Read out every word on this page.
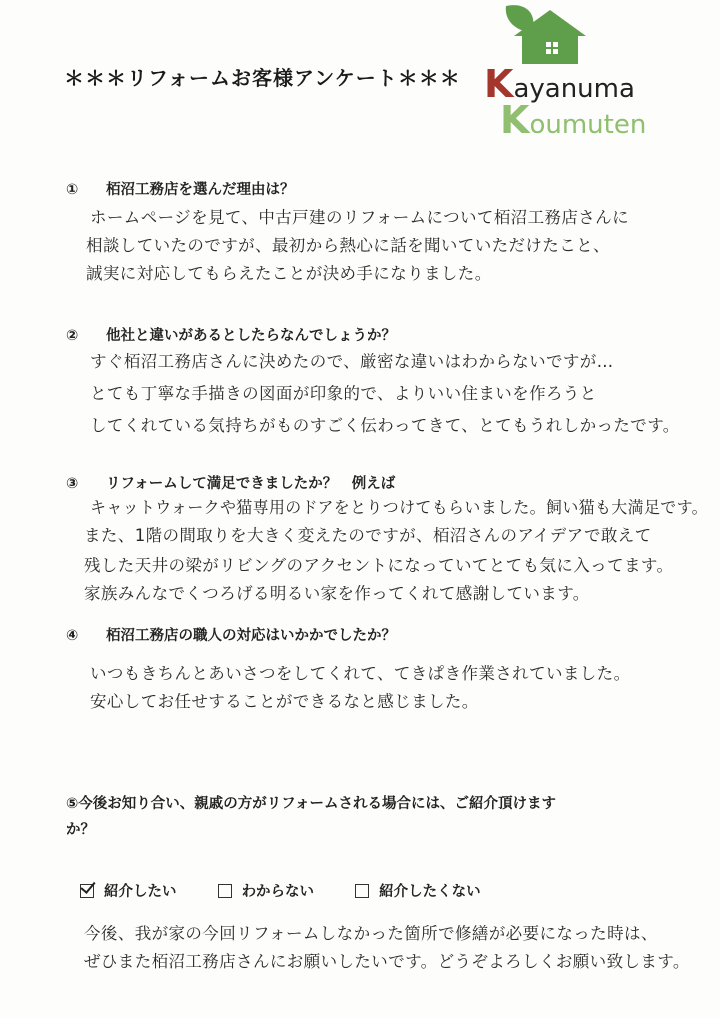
＊＊＊リフォームお客様アンケート＊＊＊ Kayanuma
Koumuten
① 栢沼工務店を選んだ理由は？
ホームページを見て、中古戸建のリフォームについて栢沼工務店さんに
相談していたのですが、最初から熱心に話を聞いていただけたこと、
誠実に対応してもらえたことが決め手になりました。
② 他社と違いがあるとしたらなんでしょうか？
すぐ栢沼工務店さんに決めたので、厳密な違いはわからないですが…
とても丁寧な手描きの図面が印象的で、よりいい住まいを作ろうと
してくれている気持ちがものすごく伝わってきて、とてもうれしかったです。
③ リフォームして満足できましたか？　例えば
キャットウォークや猫専用のドアをとりつけてもらいました。飼い猫も大満足です。
また、1階の間取りを大きく変えたのですが、栢沼さんのアイデアで敢えて
残した天井の梁がリビングのアクセントになっていてとても気に入ってます。
家族みんなでくつろげる明るい家を作ってくれて感謝しています。
④ 栢沼工務店の職人の対応はいかかでしたか？
いつもきちんとあいさつをしてくれて、てきぱき作業されていました。
安心してお任せすることができるなと感じました。
⑤今後お知り合い、親戚の方がリフォームされる場合には、ご紹介頂けます
か？
紹介したい
	わからない
	紹介したくない
今後、我が家の今回リフォームしなかった箇所で修繕が必要になった時は、
ぜひまた栢沼工務店さんにお願いしたいです。どうぞよろしくお願い致します。
